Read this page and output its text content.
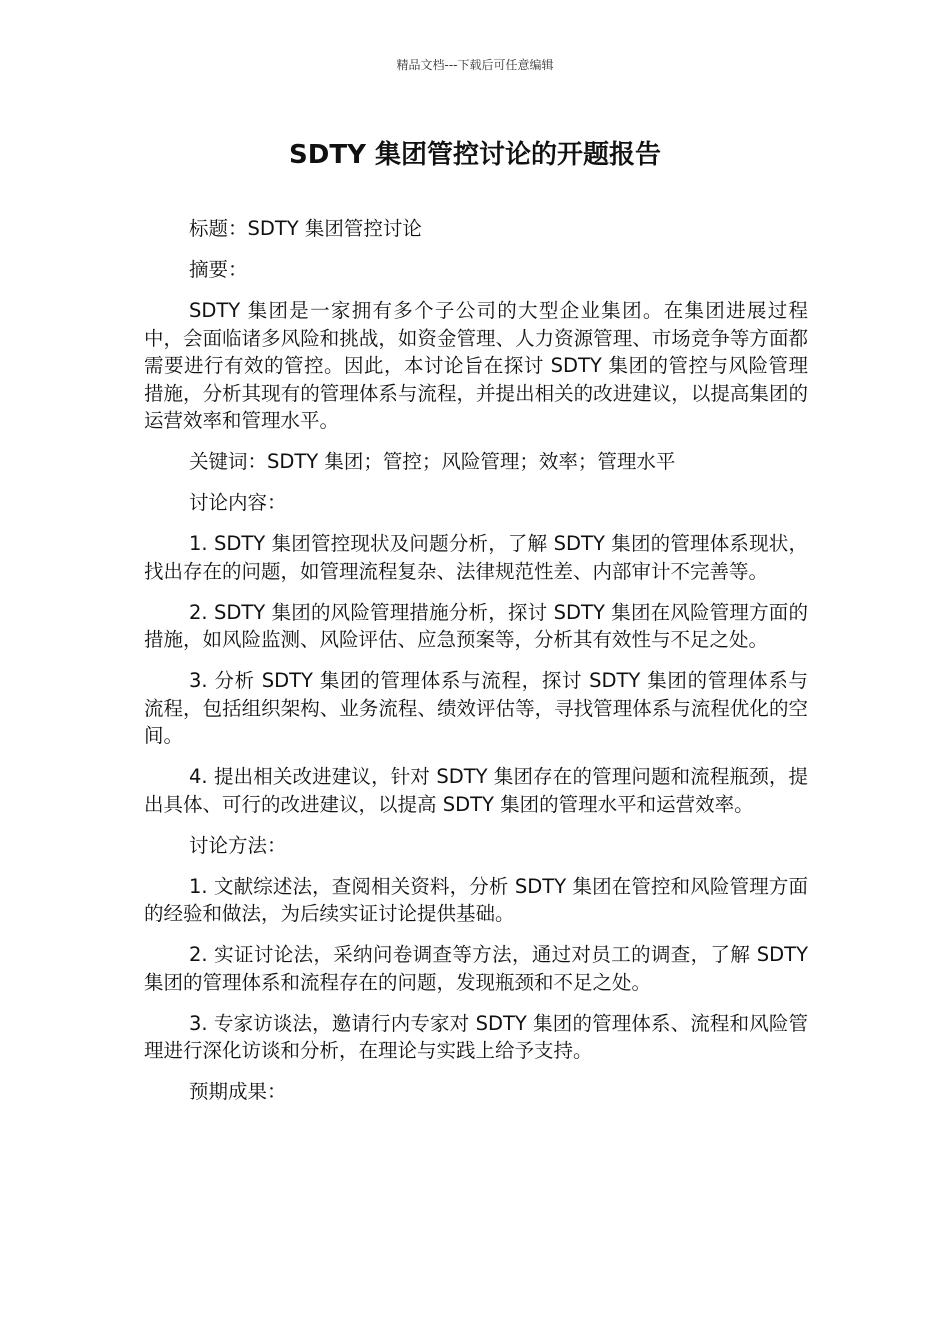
精品文档---下载后可任意编辑
SDTY 集团管控讨论的开题报告

标题：SDTY 集团管控讨论

摘要：

SDTY 集团是一家拥有多个子公司的大型企业集团。在集团进展过程中，会面临诸多风险和挑战，如资金管理、人力资源管理、市场竞争等方面都需要进行有效的管控。因此，本讨论旨在探讨 SDTY 集团的管控与风险管理措施，分析其现有的管理体系与流程，并提出相关的改进建议，以提高集团的运营效率和管理水平。

关键词：SDTY 集团；管控；风险管理；效率；管理水平

讨论内容：

1. SDTY 集团管控现状及问题分析，了解 SDTY 集团的管理体系现状，找出存在的问题，如管理流程复杂、法律规范性差、内部审计不完善等。

2. SDTY 集团的风险管理措施分析，探讨 SDTY 集团在风险管理方面的措施，如风险监测、风险评估、应急预案等，分析其有效性与不足之处。

3. 分析 SDTY 集团的管理体系与流程，探讨 SDTY 集团的管理体系与流程，包括组织架构、业务流程、绩效评估等，寻找管理体系与流程优化的空间。

4. 提出相关改进建议，针对 SDTY 集团存在的管理问题和流程瓶颈，提出具体、可行的改进建议，以提高 SDTY 集团的管理水平和运营效率。

讨论方法：

1. 文献综述法，查阅相关资料，分析 SDTY 集团在管控和风险管理方面的经验和做法，为后续实证讨论提供基础。

2. 实证讨论法，采纳问卷调查等方法，通过对员工的调查，了解 SDTY 集团的管理体系和流程存在的问题，发现瓶颈和不足之处。

3. 专家访谈法，邀请行内专家对 SDTY 集团的管理体系、流程和风险管理进行深化访谈和分析，在理论与实践上给予支持。

预期成果：
